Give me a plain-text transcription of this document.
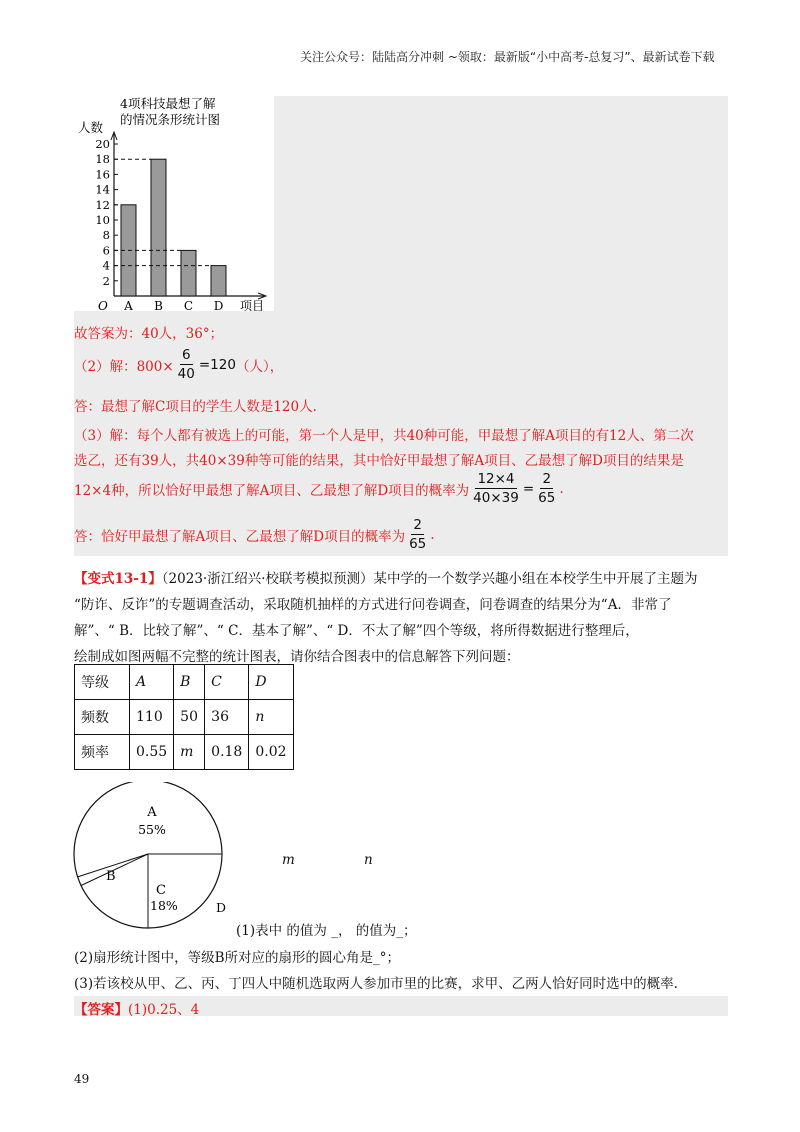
关注公众号：陆陆高分冲刺 ~领取：最新版“小中高考-总复习”、最新试卷下载
4项科技最想了解
的情况条形统计图
人数
2
4
6
8
10
12
14
16
18
20
A B C D
O	项目
故答案为：40人，36°；
（2）解：$800\times \frac{6}{40} =120$ （人），
答：最想了解C项目的学生人数是120人.
（3）解：每个人都有被选上的可能，第一个人是甲，共40种可能，甲最想了解A项目的有12人、第二次
选乙，还有39人，共40×39种等可能的结果，其中恰好甲最想了解A项目、乙最想了解D项目的结果是
12×4种，所以恰好甲最想了解A项目、乙最想了解D项目的概率为 $\frac{12\times 4}{40\times 39} = \frac{2}{65}$ .
答：恰好甲最想了解A项目、乙最想了解D项目的概率为 $\frac{2}{65}$ .
【变式13-1】（2023·浙江绍兴·校联考模拟预测）某中学的一个数学兴趣小组在本校学生中开展了主题为
“防诈、反诈”的专题调查活动，采取随机抽样的方式进行问卷调查，问卷调查的结果分为“A．非常了
解”、“ B．比较了解”、“ C．基本了解”、“ D．不太了解”四个等级，将所得数据进行整理后，
绘制成如图两幅不完整的统计图表，请你结合图表中的信息解答下列问题：
等级	A	B	C	D
频数	110	50	36	n
频率	0.55	m	0.18	0.02
A
55%
B
C
18%	D
m	n
(1)表中 的值为 _， 的值为_；
(2)扇形统计图中，等级B所对应的扇形的圆心角是_°；
(3)若该校从甲、乙、丙、丁四人中随机选取两人参加市里的比赛，求甲、乙两人恰好同时选中的概率.
【答案】(1)0.25、4
49
